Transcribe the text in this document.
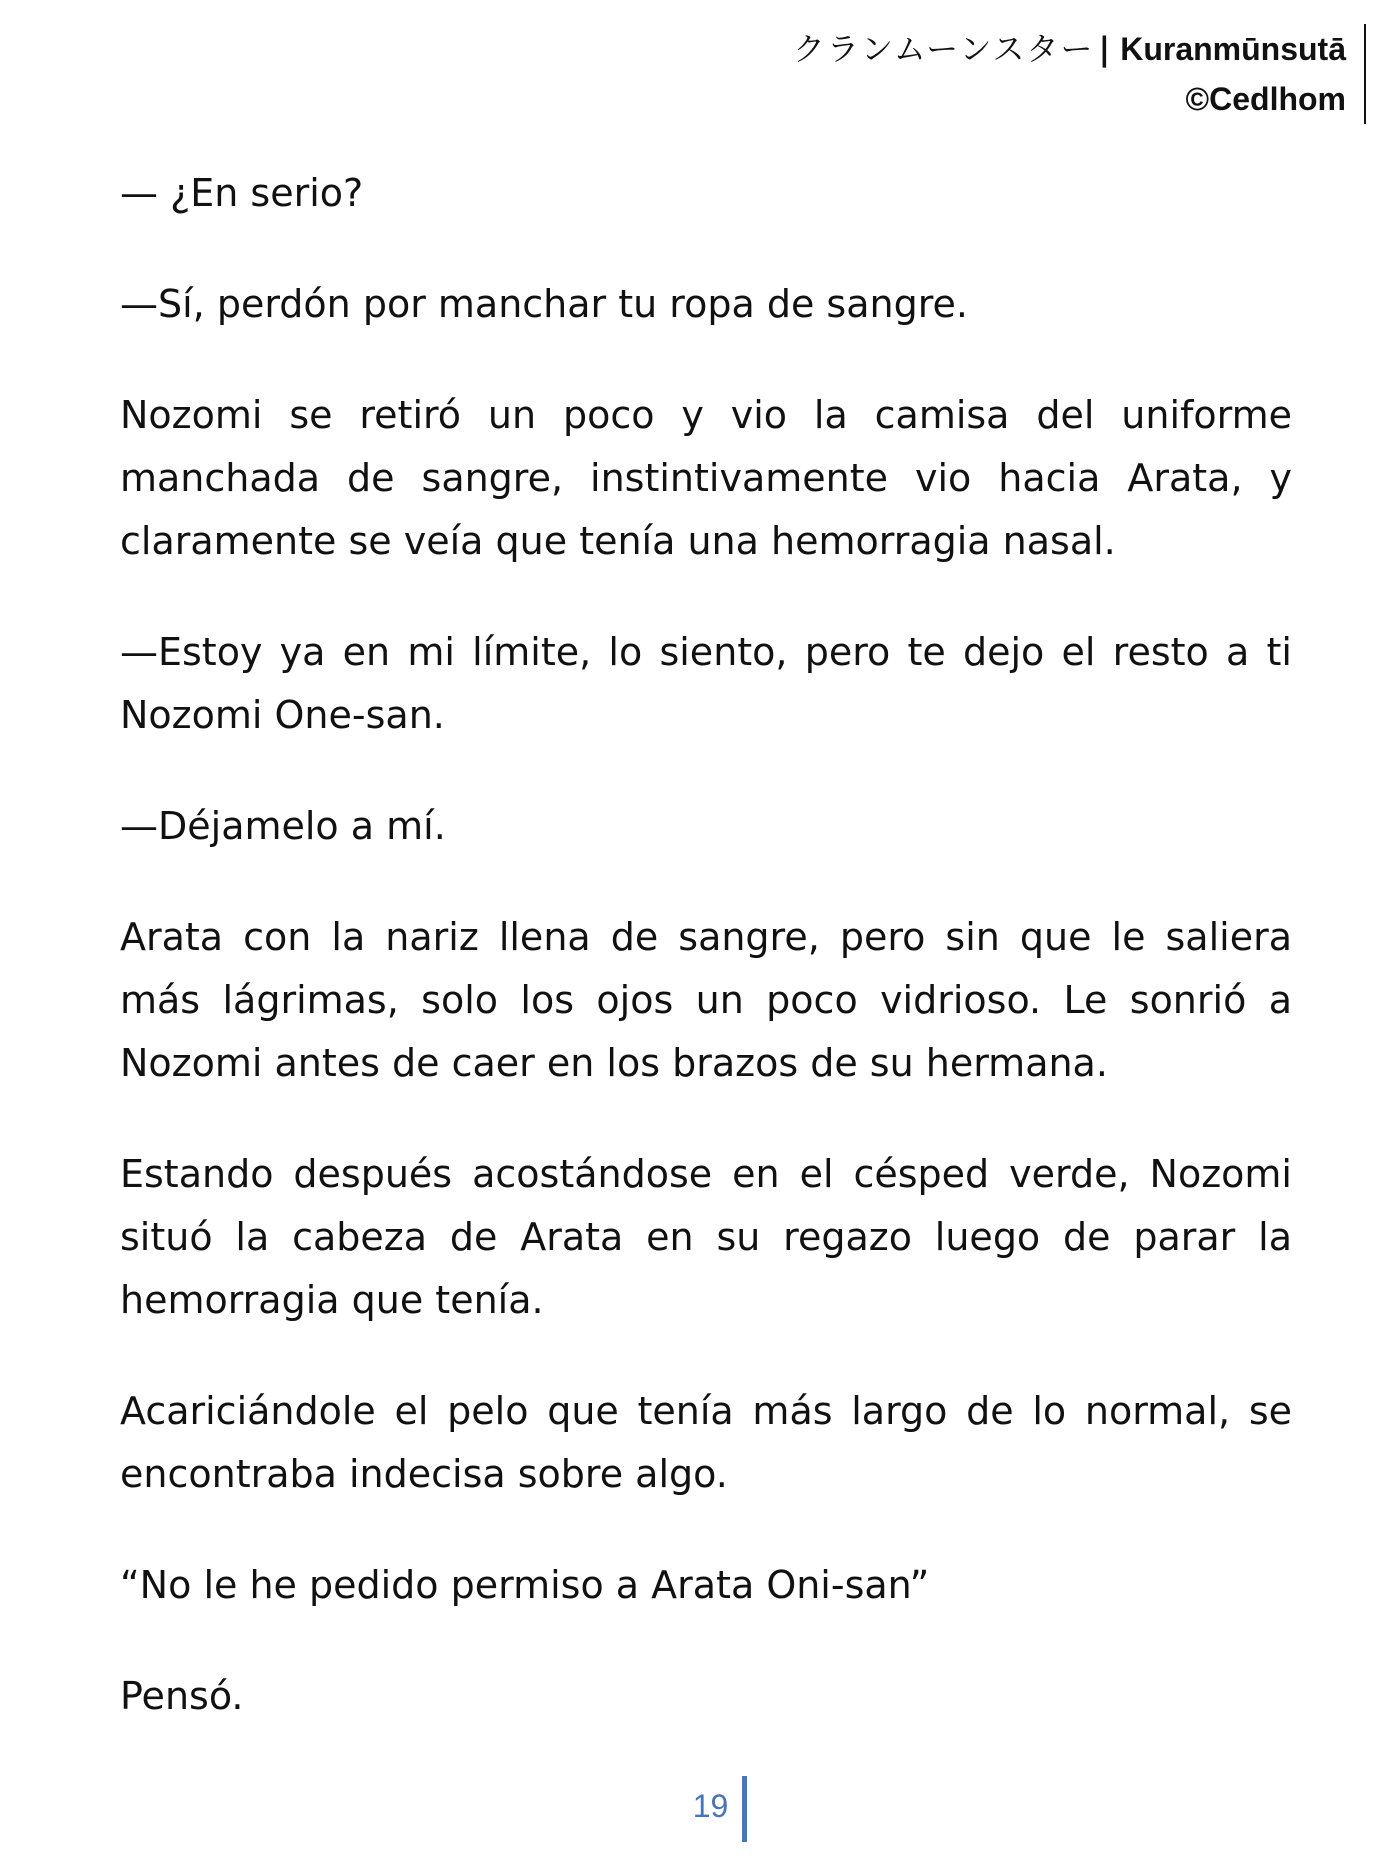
クランムーンスター | Kuranmūnsutā
©Cedlhom

— ¿En serio?

—Sí, perdón por manchar tu ropa de sangre.

Nozomi se retiró un poco y vio la camisa del uniforme manchada de sangre, instintivamente vio hacia Arata, y claramente se veía que tenía una hemorragia nasal.

—Estoy ya en mi límite, lo siento, pero te dejo el resto a ti Nozomi One-san.

—Déjamelo a mí.

Arata con la nariz llena de sangre, pero sin que le saliera más lágrimas, solo los ojos un poco vidrioso. Le sonrió a Nozomi antes de caer en los brazos de su hermana.

Estando después acostándose en el césped verde, Nozomi situó la cabeza de Arata en su regazo luego de parar la hemorragia que tenía.

Acariciándole el pelo que tenía más largo de lo normal, se encontraba indecisa sobre algo.

“No le he pedido permiso a Arata Oni-san”

Pensó.

19
